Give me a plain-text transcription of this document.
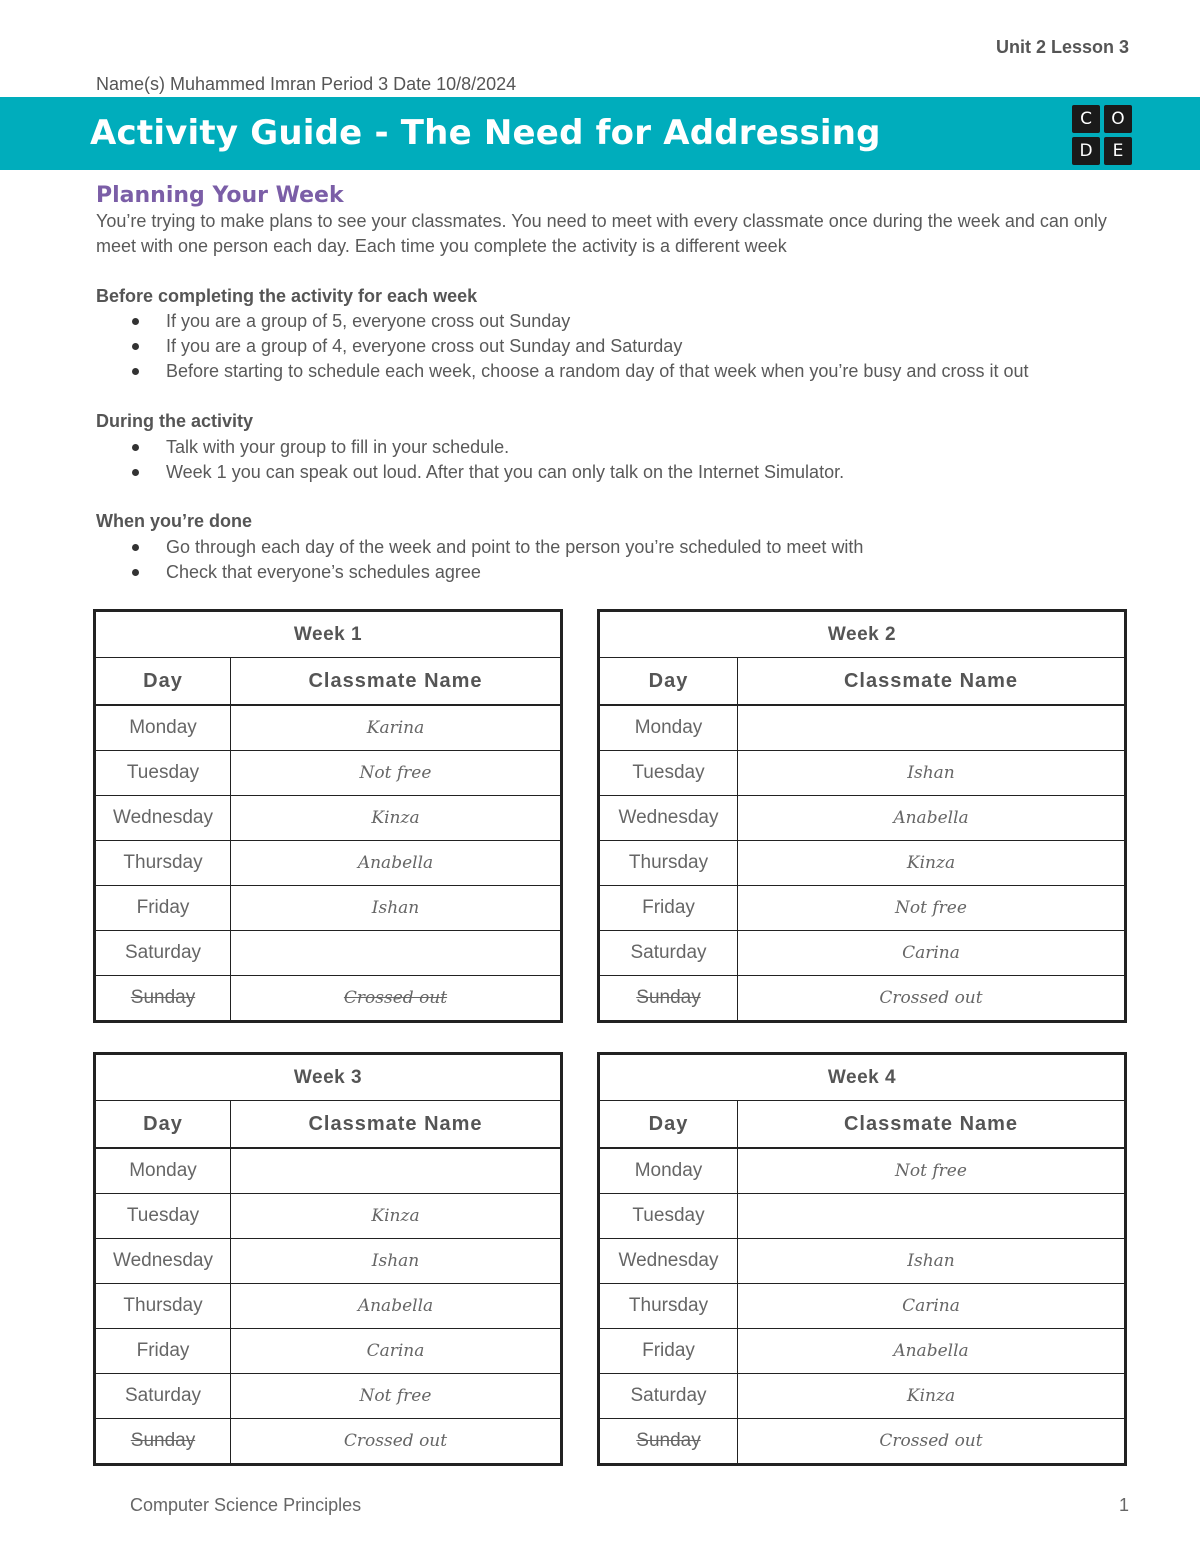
Unit 2 Lesson 3
Name(s) Muhammed Imran Period 3 Date 10/8/2024
Activity Guide - The Need for Addressing	C	O
D	E
Planning Your Week
You’re trying to make plans to see your classmates. You need to meet with every classmate once during the week and can only meet with one person each day. Each time you complete the activity is a different week
Before completing the activity for each week
If you are a group of 5, everyone cross out Sunday
If you are a group of 4, everyone cross out Sunday and Saturday
Before starting to schedule each week, choose a random day of that week when you’re busy and cross it out
During the activity
Talk with your group to fill in your schedule.
Week 1 you can speak out loud. After that you can only talk on the Internet Simulator.
When you’re done
Go through each day of the week and point to the person you’re scheduled to meet with
Check that everyone’s schedules agree
Week 1	
Day	Classmate Name
Monday	Karina
Tuesday	Not free
Wednesday	Kinza
Thursday	Anabella
Friday	Ishan
Saturday	
Sunday	Crossed out
Week 2	
Day	Classmate Name
Monday	
Tuesday	Ishan
Wednesday	Anabella
Thursday	Kinza
Friday	Not free
Saturday	Carina
Sunday	Crossed out
Week 3	
Day	Classmate Name
Monday	
Tuesday	Kinza
Wednesday	Ishan
Thursday	Anabella
Friday	Carina
Saturday	Not free
Sunday	Crossed out
Week 4	
Day	Classmate Name
Monday	Not free
Tuesday	
Wednesday	Ishan
Thursday	Carina
Friday	Anabella
Saturday	Kinza
Sunday	Crossed out
Computer Science Principles	1
